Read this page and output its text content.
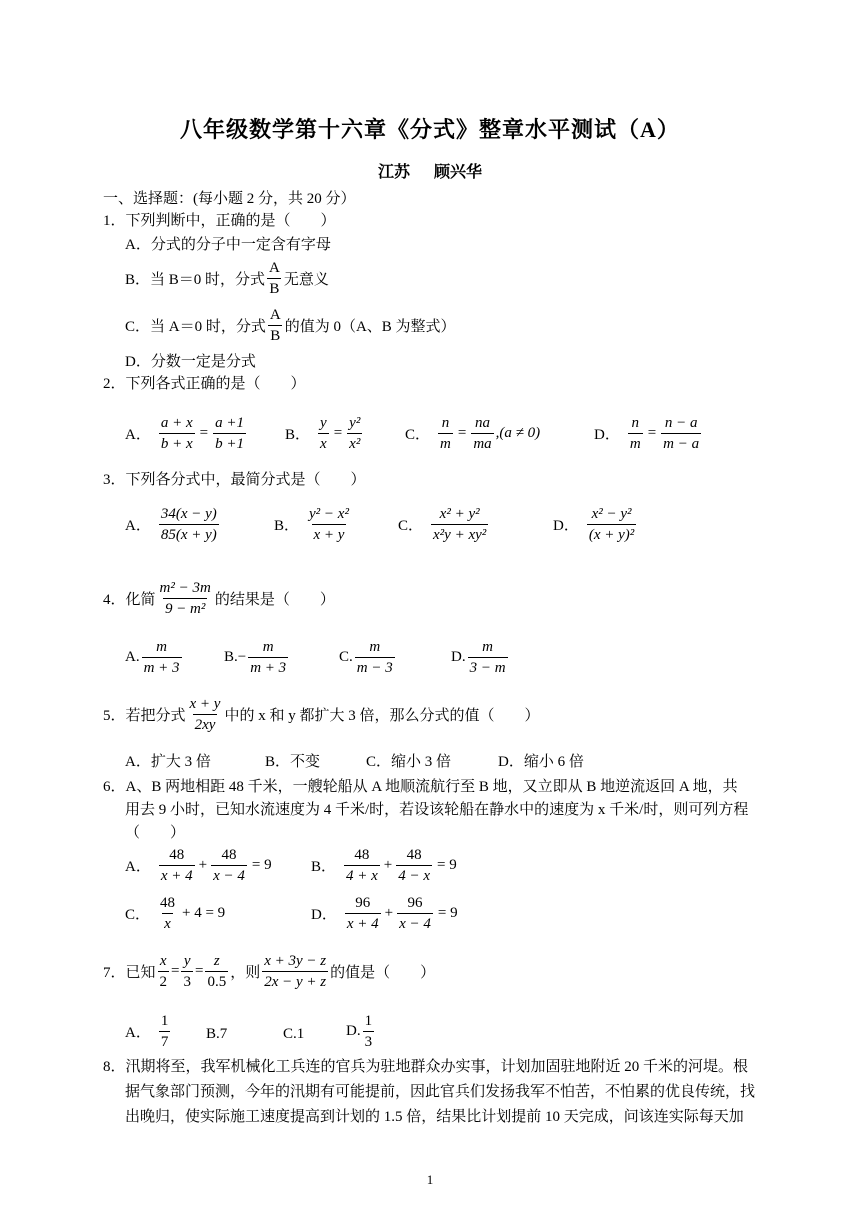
八年级数学第十六章《分式》整章水平测试（A）
江苏 顾兴华
一、选择题：(每小题 2 分，共 20 分）
1．下列判断中，正确的是（　　）
A．分式的分子中一定含有字母
B．当 B＝0 时，分式 $\frac{A}{B}$ 无意义
C．当 A＝0 时，分式 $\frac{A}{B}$ 的值为 0（A、B 为整式）
D．分数一定是分式
2．下列各式正确的是（　　）
A． $\frac{a + x}{b + x} = \frac{a +1}{b +1}$	B． $\frac{y}{x} = \frac{\text{y²}}{\text{x²}}$	C． $\frac{n}{m} = \frac{na}{ma} ,(a \ne 0)$	D． $\frac{n}{m} = \frac{n - a}{m - a}$
3．下列各分式中，最简分式是（　　）
A． $\frac{34(x - y)}{85(x + y)}$	B． $\frac{\text{y² − x²}}{x + y}$	C． $\frac{\text{x² + y²}}{\text{x²y + xy²}}$	D． $\frac{\text{x² − y²}}{\text{(x + y)²}}$
4．化简 $\frac{\text{m² − 3m}}{\text{9 − m²}}$ 的结果是（　　）
A. $\frac{m}{m + 3}$	$B.- \frac{m}{m + 3}$	C. $\frac{m}{m - 3}$	D. $\frac{m}{3 - m}$
5．若把分式 $\frac{x + y}{2xy}$ 中的 x 和 y 都扩大 3 倍，那么分式的值（　　）
A．扩大 3 倍	B．不变	C．缩小 3 倍	D．缩小 6 倍
6．A、B 两地相距 48 千米，一艘轮船从 A 地顺流航行至 B 地，又立即从 B 地逆流返回 A 地，共
用去 9 小时，已知水流速度为 4 千米/时，若设该轮船在静水中的速度为 x 千米/时，则可列方程
（　　）
A． $\frac{48}{x + 4} + \frac{48}{x - 4} = 9$	B． $\frac{48}{4 + x} + \frac{48}{4 - x} = 9$
C． $\frac{48}{x} + 4 = 9$	D． $\frac{96}{x + 4} + \frac{96}{x - 4} = 9$
7．已知 $\frac{x}{2} = \frac{y}{3} = \frac{z}{0.5}$ ，则 $\frac{x + 3y - z}{2x - y + z}$ 的值是（　　）
A． $\frac{1}{7} B.7$	C.1	D. $\frac{1}{3}$
8．汛期将至，我军机械化工兵连的官兵为驻地群众办实事，计划加固驻地附近 20 千米的河堤。根
据气象部门预测，今年的汛期有可能提前，因此官兵们发扬我军不怕苦，不怕累的优良传统，找
出晚归，使实际施工速度提高到计划的 1.5 倍，结果比计划提前 10 天完成，问该连实际每天加
1
